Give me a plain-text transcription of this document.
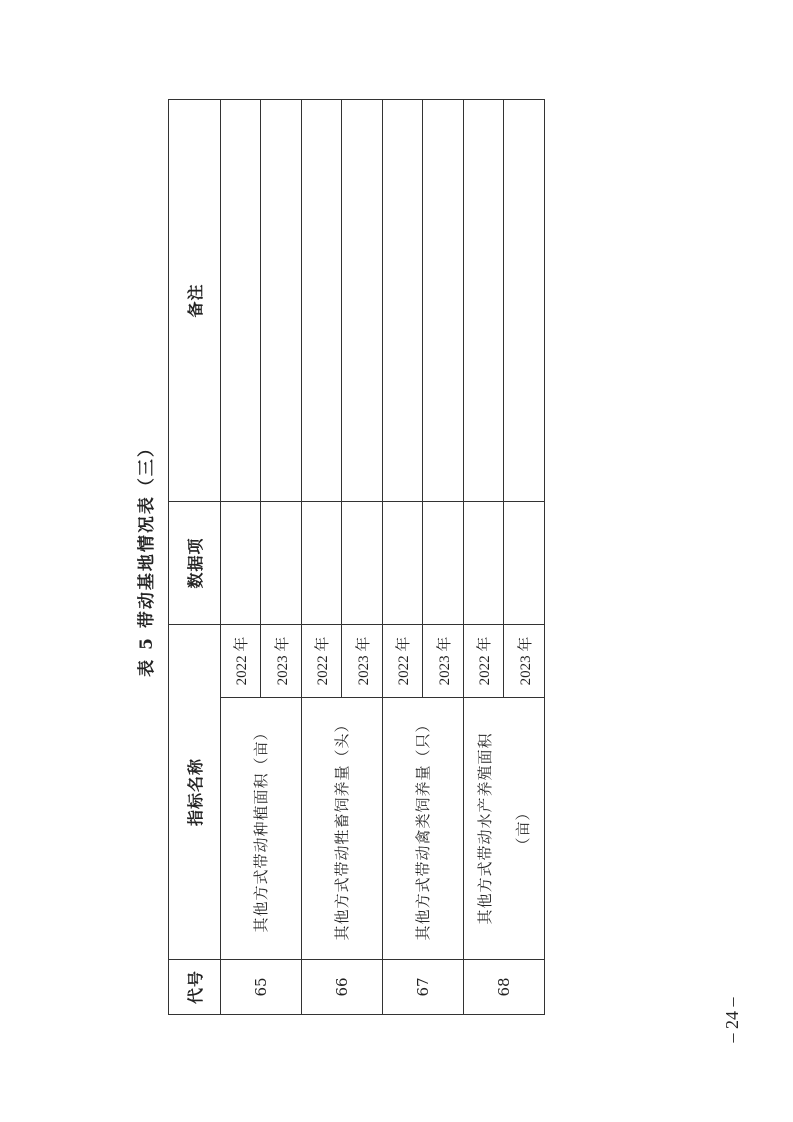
表 5 带动基地情况表（三）
代号	指标名称		数据项	备注
65	其他方式带动种植面积（亩）	2022 年		
		2023 年		
66	其他方式带动牲畜饲养量（头）	2022 年		
		2023 年		
67	其他方式带动禽类饲养量（只）	2022 年		
		2023 年		
68	其他方式带动水产养殖面积 （亩）	2022 年		
		2023 年		
– 24 –
